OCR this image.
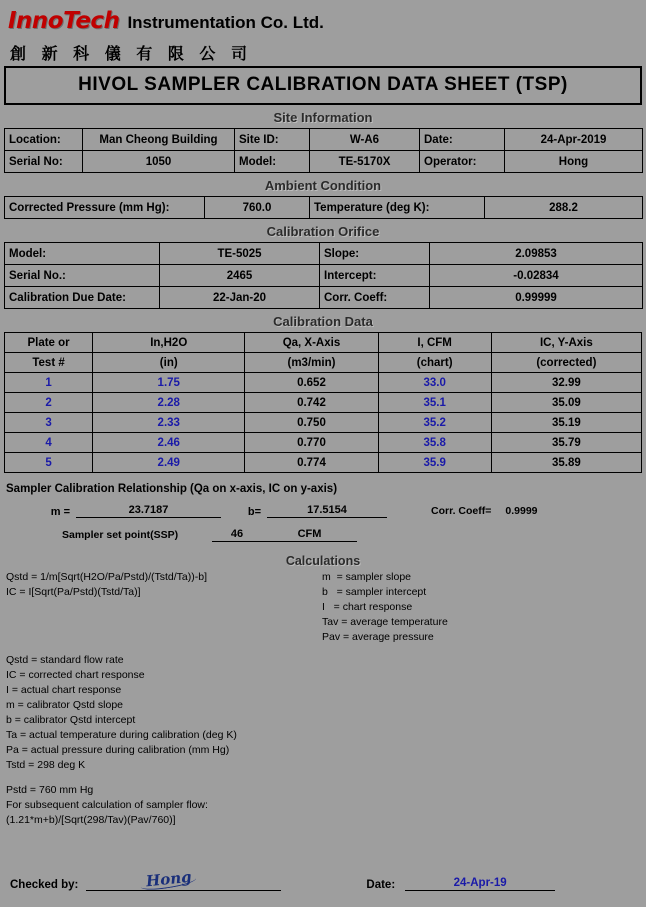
InnoTech Instrumentation Co. Ltd.
創 新 科 儀 有 限 公 司
HIVOL SAMPLER CALIBRATION DATA SHEET (TSP)
Site Information
Location:	Man Cheong Building	Site ID:	W-A6	Date:	24-Apr-2019
Serial No:	1050	Model:	TE-5170X	Operator:	Hong
Ambient Condition
Corrected Pressure (mm Hg):	760.0	Temperature (deg K):	288.2
Calibration Orifice
Model:	TE-5025	Slope:	2.09853
Serial No.:	2465	Intercept:	-0.02834
Calibration Due Date:	22-Jan-20	Corr. Coeff:	0.99999
Calibration Data
Plate or	In,H2O	Qa, X-Axis	I, CFM	IC, Y-Axis
Test #	(in)	(m3/min)	(chart)	(corrected)
1	1.75	0.652	33.0	32.99
2	2.28	0.742	35.1	35.09
3	2.33	0.750	35.2	35.19
4	2.46	0.770	35.8	35.79
5	2.49	0.774	35.9	35.89
Sampler Calibration Relationship (Qa on x-axis, IC on y-axis)
m =	23.7187	b=	17.5154	Corr. Coeff= 0.9999
Sampler set point(SSP)	46	CFM
Calculations
Qstd = 1/m[Sqrt(H2O/Pa/Pstd)/(Tstd/Ta))-b]
IC = I[Sqrt(Pa/Pstd)(Tstd/Ta)]
m  = sampler slope
b   = sampler intercept
I   = chart response
Tav = average temperature
Pav = average pressure
Qstd = standard flow rate
IC = corrected chart response
I = actual chart response
m = calibrator Qstd slope
b = calibrator Qstd intercept
Ta = actual temperature during calibration (deg K)
Pa = actual pressure during calibration (mm Hg)
Tstd = 298 deg K
Pstd = 760 mm Hg
For subsequent calculation of sampler flow:
(1.21*m+b)/[Sqrt(298/Tav)(Pav/760)]
Checked by:	Hong	Date:	24-Apr-19
